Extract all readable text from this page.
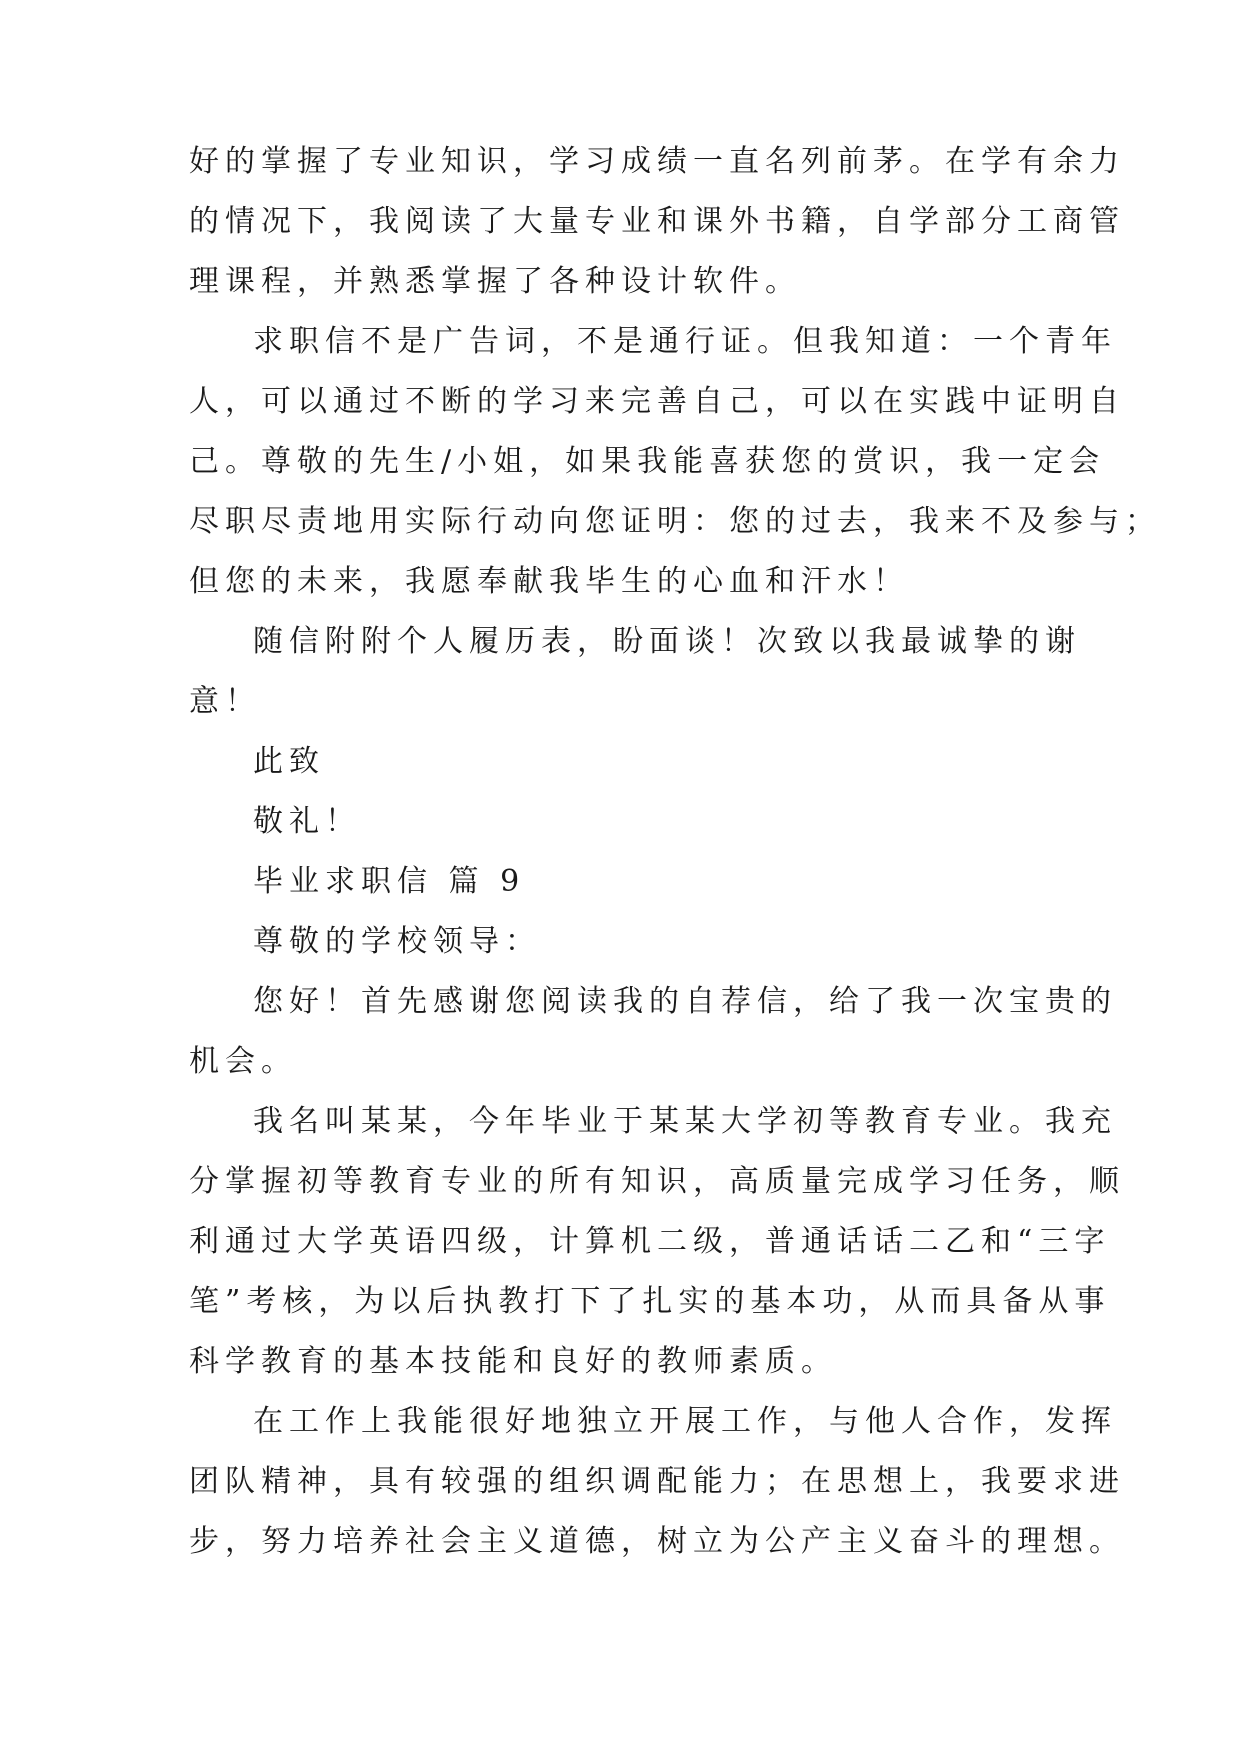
好的掌握了专业知识，学习成绩一直名列前茅。在学有余力
的情况下，我阅读了大量专业和课外书籍，自学部分工商管
理课程，并熟悉掌握了各种设计软件。
求职信不是广告词，不是通行证。但我知道：一个青年
人，可以通过不断的学习来完善自己，可以在实践中证明自
己。尊敬的先生/小姐，如果我能喜获您的赏识，我一定会
尽职尽责地用实际行动向您证明：您的过去，我来不及参与；
但您的未来，我愿奉献我毕生的心血和汗水！
随信附附个人履历表，盼面谈！次致以我最诚挚的谢
意！
此致
敬礼！
毕业求职信 篇 9
尊敬的学校领导：
您好！首先感谢您阅读我的自荐信，给了我一次宝贵的
机会。
我名叫某某，今年毕业于某某大学初等教育专业。我充
分掌握初等教育专业的所有知识，高质量完成学习任务，顺
利通过大学英语四级，计算机二级，普通话话二乙和“三字
笔”考核，为以后执教打下了扎实的基本功，从而具备从事
科学教育的基本技能和良好的教师素质。
在工作上我能很好地独立开展工作，与他人合作，发挥
团队精神，具有较强的组织调配能力；在思想上，我要求进
步，努力培养社会主义道德，树立为公产主义奋斗的理想。
